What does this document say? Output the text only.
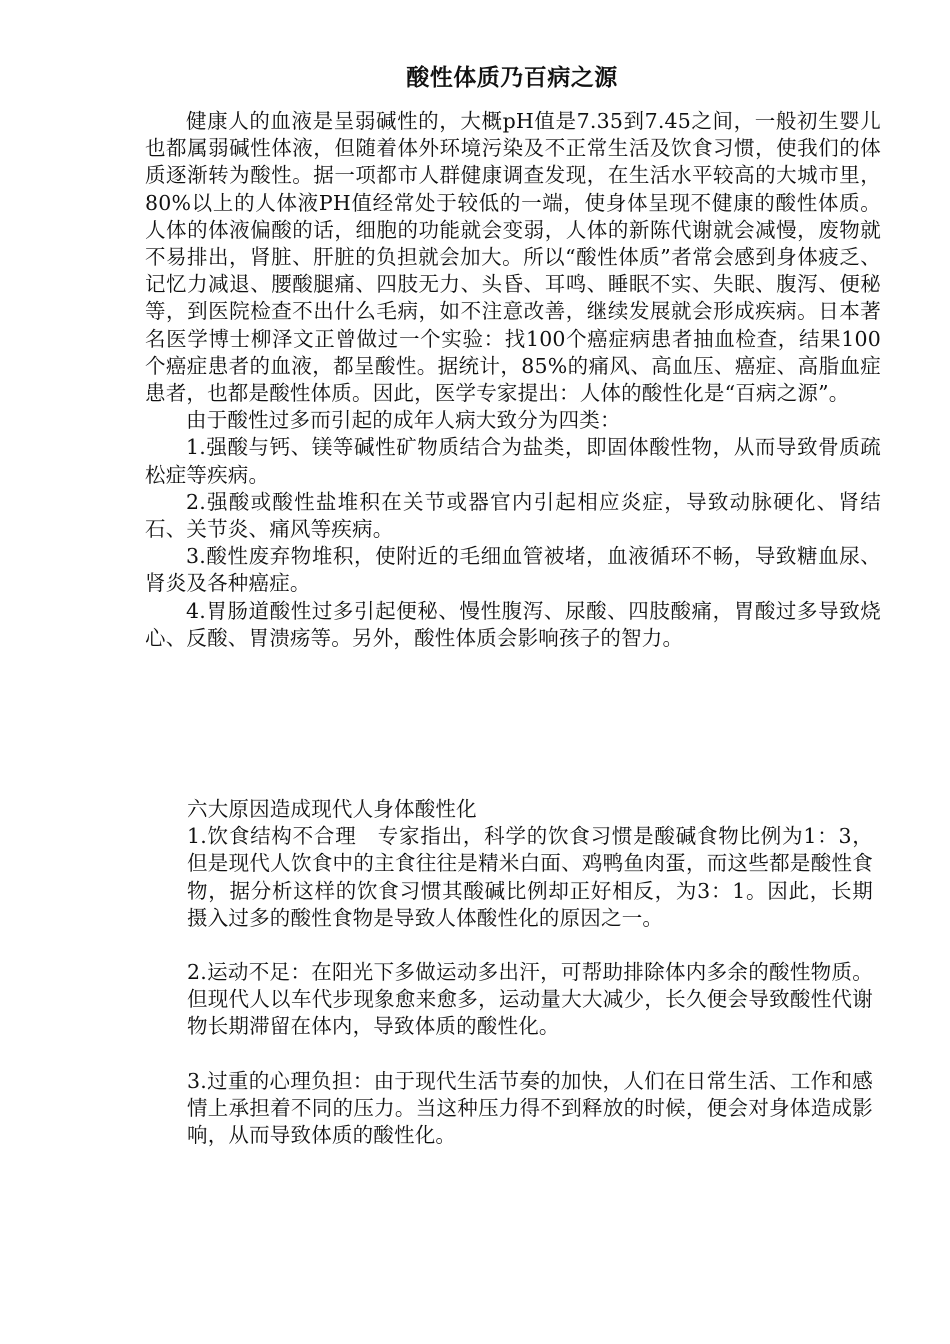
酸性体质乃百病之源

健康人的血液是呈弱碱性的，大概pH值是7.35到7.45之间，一般初生婴儿也都属弱碱性体液，但随着体外环境污染及不正常生活及饮食习惯，使我们的体质逐渐转为酸性。据一项都市人群健康调查发现，在生活水平较高的大城市里，80%以上的人体液PH值经常处于较低的一端，使身体呈现不健康的酸性体质。人体的体液偏酸的话，细胞的功能就会变弱，人体的新陈代谢就会减慢，废物就不易排出，肾脏、肝脏的负担就会加大。所以“酸性体质”者常会感到身体疲乏、记忆力减退、腰酸腿痛、四肢无力、头昏、耳鸣、睡眠不实、失眠、腹泻、便秘等，到医院检查不出什么毛病，如不注意改善，继续发展就会形成疾病。日本著名医学博士柳泽文正曾做过一个实验：找100个癌症病患者抽血检查，结果100个癌症患者的血液，都呈酸性。据统计，85%的痛风、高血压、癌症、高脂血症患者，也都是酸性体质。因此，医学专家提出：人体的酸性化是“百病之源”。

由于酸性过多而引起的成年人病大致分为四类：

1.强酸与钙、镁等碱性矿物质结合为盐类，即固体酸性物，从而导致骨质疏松症等疾病。

2.强酸或酸性盐堆积在关节或器官内引起相应炎症，导致动脉硬化、肾结石、关节炎、痛风等疾病。

3.酸性废弃物堆积，使附近的毛细血管被堵，血液循环不畅，导致糖血尿、肾炎及各种癌症。

4.胃肠道酸性过多引起便秘、慢性腹泻、尿酸、四肢酸痛，胃酸过多导致烧心、反酸、胃溃疡等。另外，酸性体质会影响孩子的智力。

六大原因造成现代人身体酸性化

1.饮食结构不合理　专家指出，科学的饮食习惯是酸碱食物比例为1：3，但是现代人饮食中的主食往往是精米白面、鸡鸭鱼肉蛋，而这些都是酸性食物，据分析这样的饮食习惯其酸碱比例却正好相反，为3：1。因此，长期摄入过多的酸性食物是导致人体酸性化的原因之一。

2.运动不足：在阳光下多做运动多出汗，可帮助排除体内多余的酸性物质。但现代人以车代步现象愈来愈多，运动量大大减少，长久便会导致酸性代谢物长期滞留在体内，导致体质的酸性化。

3.过重的心理负担：由于现代生活节奏的加快，人们在日常生活、工作和感情上承担着不同的压力。当这种压力得不到释放的时候，便会对身体造成影响，从而导致体质的酸性化。
